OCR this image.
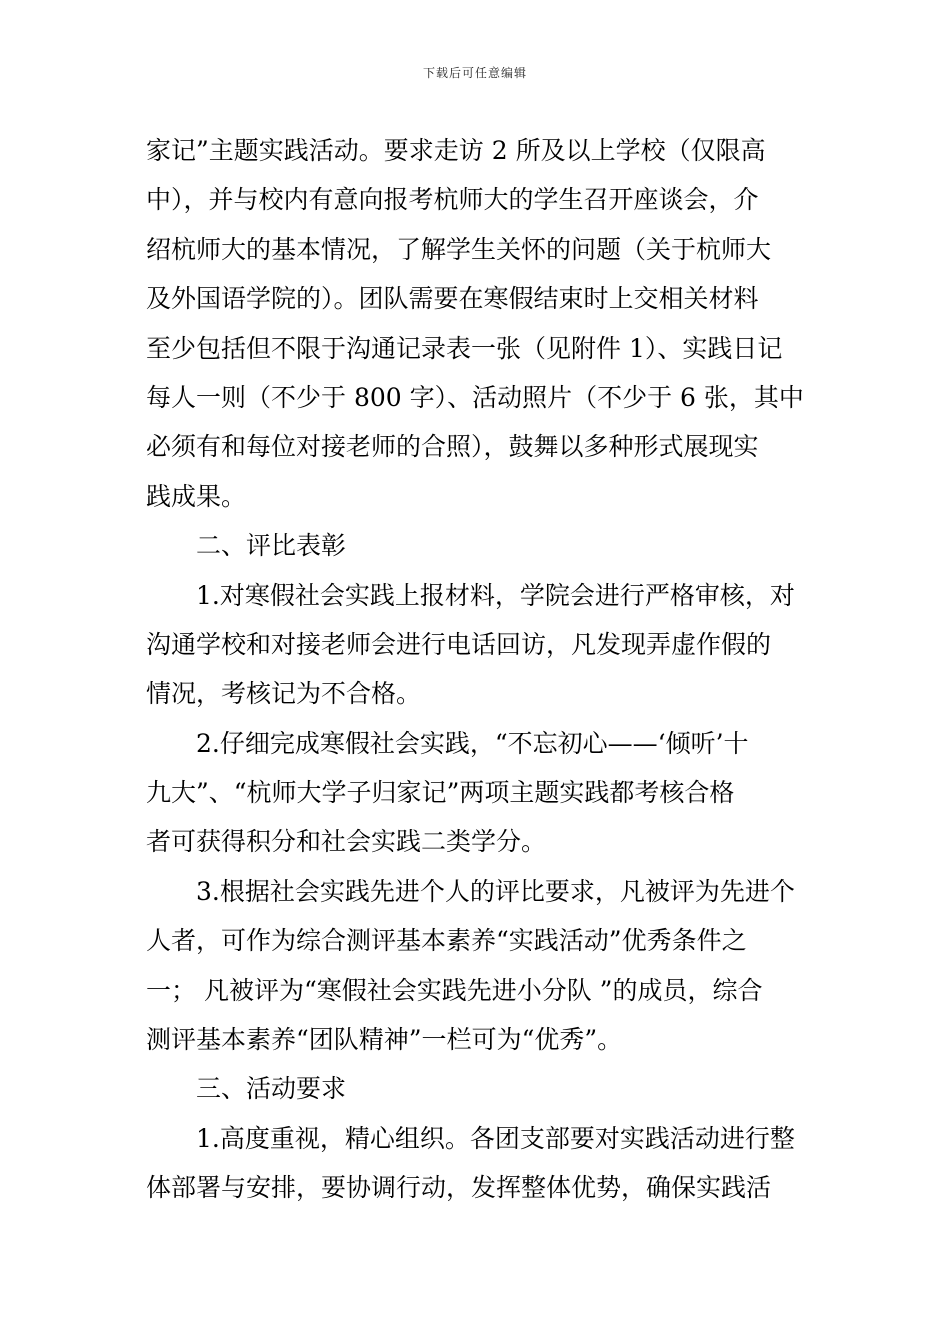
下载后可任意编辑
家记”主题实践活动。要求走访 2 所及以上学校（仅限高
中），并与校内有意向报考杭师大的学生召开座谈会，介
绍杭师大的基本情况，了解学生关怀的问题（关于杭师大
及外国语学院的）。团队需要在寒假结束时上交相关材料
至少包括但不限于沟通记录表一张（见附件 1）、实践日记
每人一则（不少于 800 字）、活动照片（不少于 6 张，其中
必须有和每位对接老师的合照），鼓舞以多种形式展现实
践成果。
二、评比表彰
1.对寒假社会实践上报材料，学院会进行严格审核，对
沟通学校和对接老师会进行电话回访，凡发现弄虚作假的
情况，考核记为不合格。
2.仔细完成寒假社会实践，“不忘初心——‘倾听’十
九大”、“杭师大学子归家记”两项主题实践都考核合格
者可获得积分和社会实践二类学分。
3.根据社会实践先进个人的评比要求，凡被评为先进个
人者，可作为综合测评基本素养“实践活动”优秀条件之
一； 凡被评为“寒假社会实践先进小分队 ”的成员，综合
测评基本素养“团队精神”一栏可为“优秀”。
三、活动要求
1.高度重视，精心组织。各团支部要对实践活动进行整
体部署与安排，要协调行动，发挥整体优势，确保实践活
